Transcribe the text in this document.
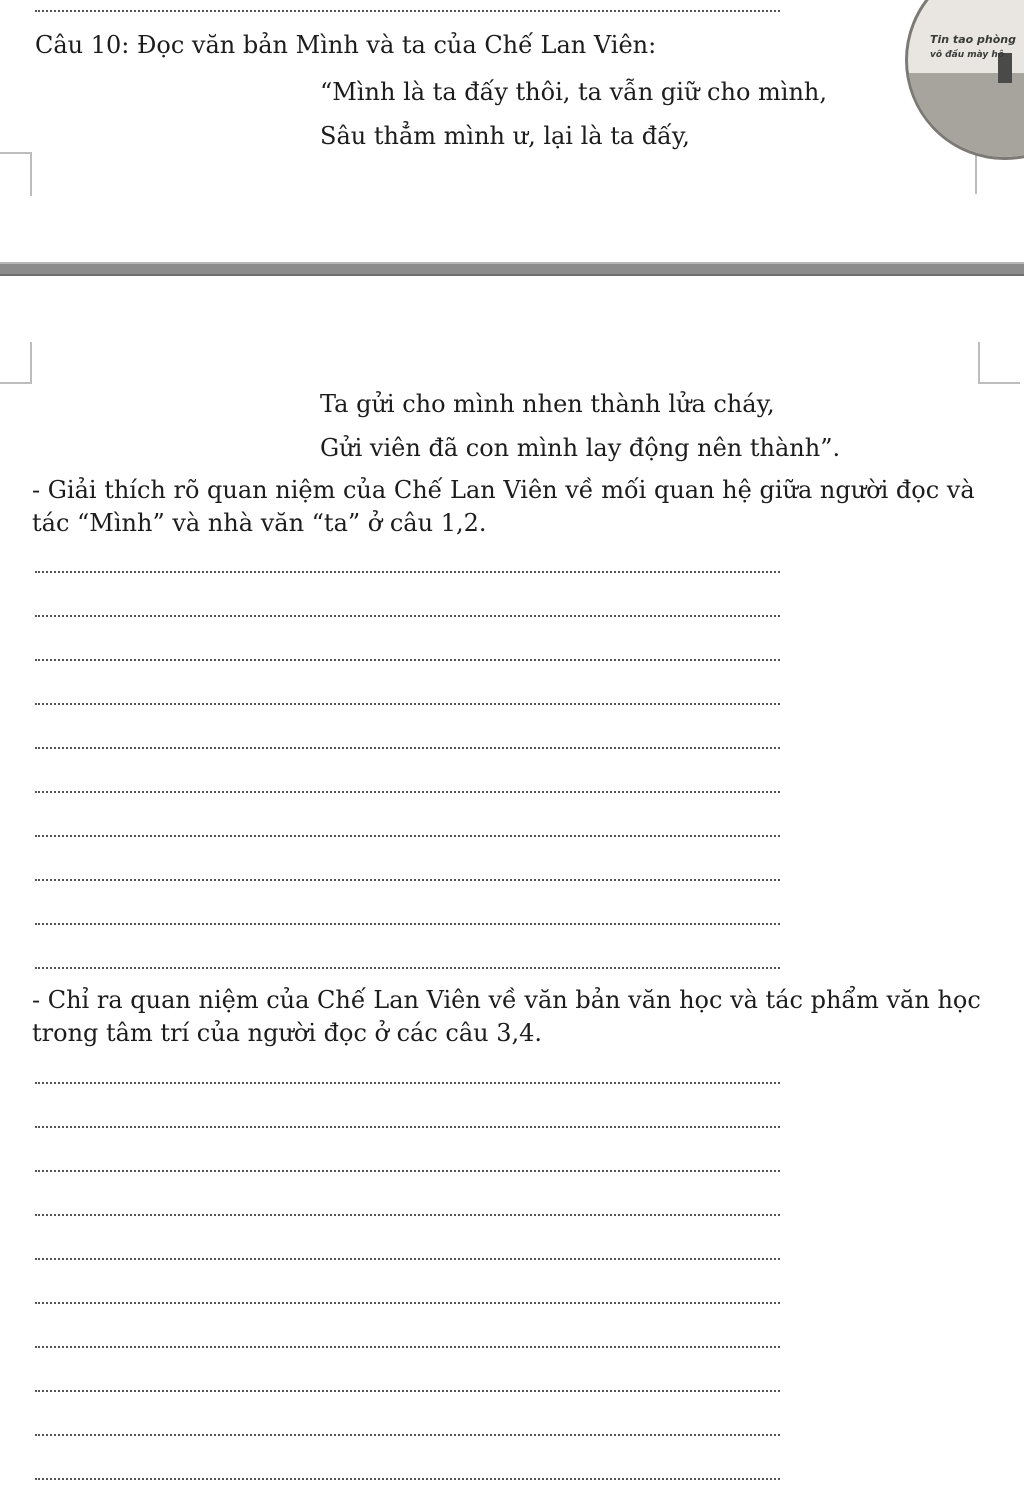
Câu 10: Đọc văn bản Mình và ta của Chế Lan Viên:
“Mình là ta đấy thôi, ta vẫn giữ cho mình,
Sâu thẳm mình ư, lại là ta đấy,
Tin tao phòng
vô đầu mày hô
Ta gửi cho mình nhen thành lửa cháy,
Gửi viên đã con mình lay động nên thành”.
- Giải thích rõ quan niệm của Chế Lan Viên về mối quan hệ giữa người đọc và tác “Mình” và nhà văn “ta” ở câu 1,2.
- Chỉ ra quan niệm của Chế Lan Viên về văn bản văn học và tác phẩm văn học trong tâm trí của người đọc ở các câu 3,4.
